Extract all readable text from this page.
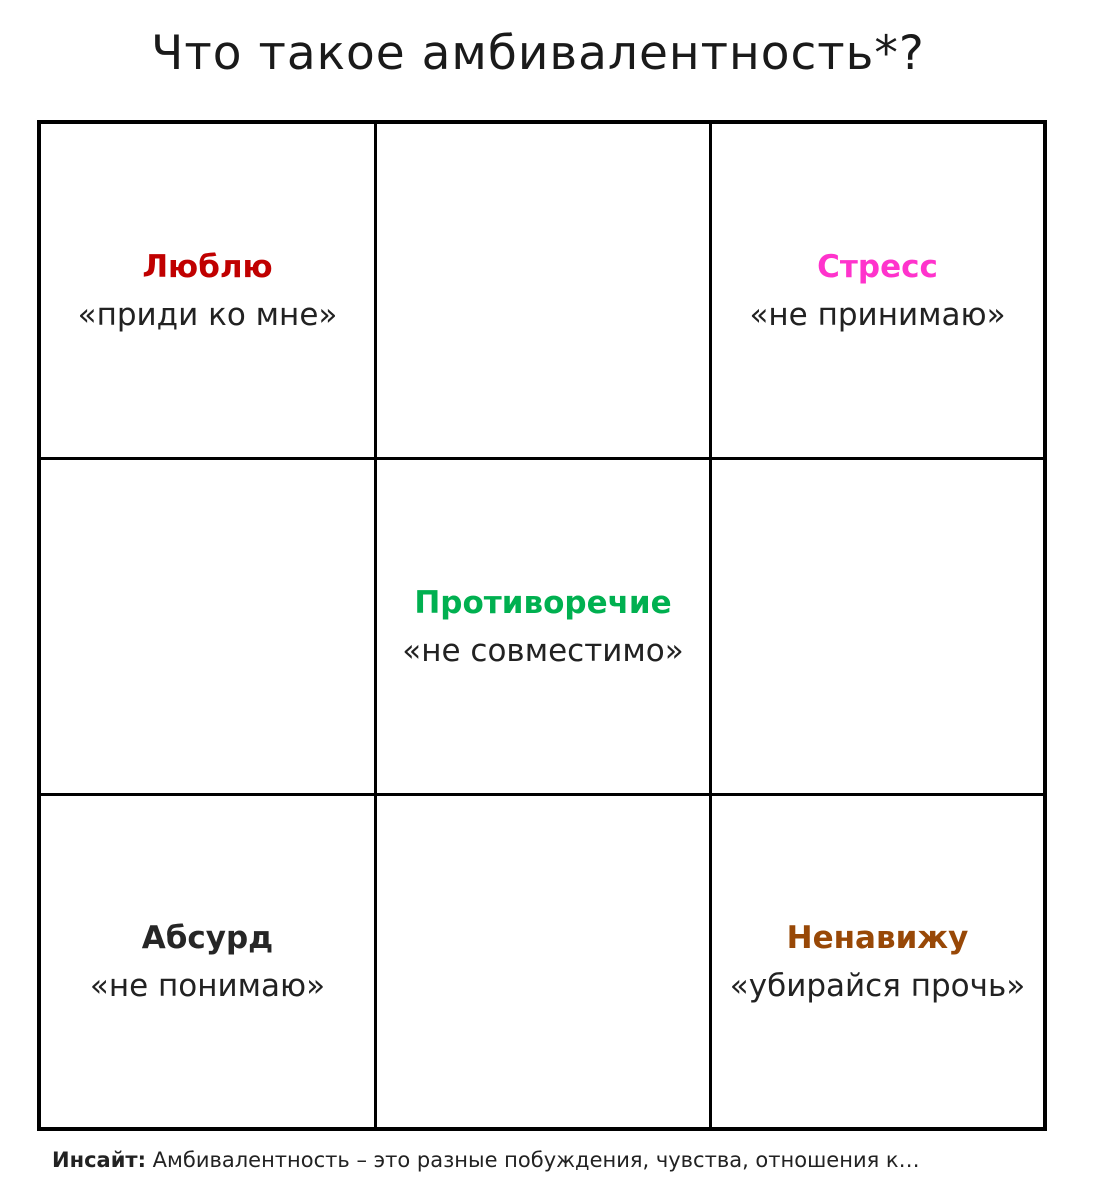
Что такое амбивалентность*?
Люблю
«приди ко мне»
Стресс
«не принимаю»
Противоречие
«не совместимо»
Абсурд
«не понимаю»
Ненавижу
«убирайся прочь»
Инсайт: Амбивалентность – это разные побуждения, чувства, отношения к…
